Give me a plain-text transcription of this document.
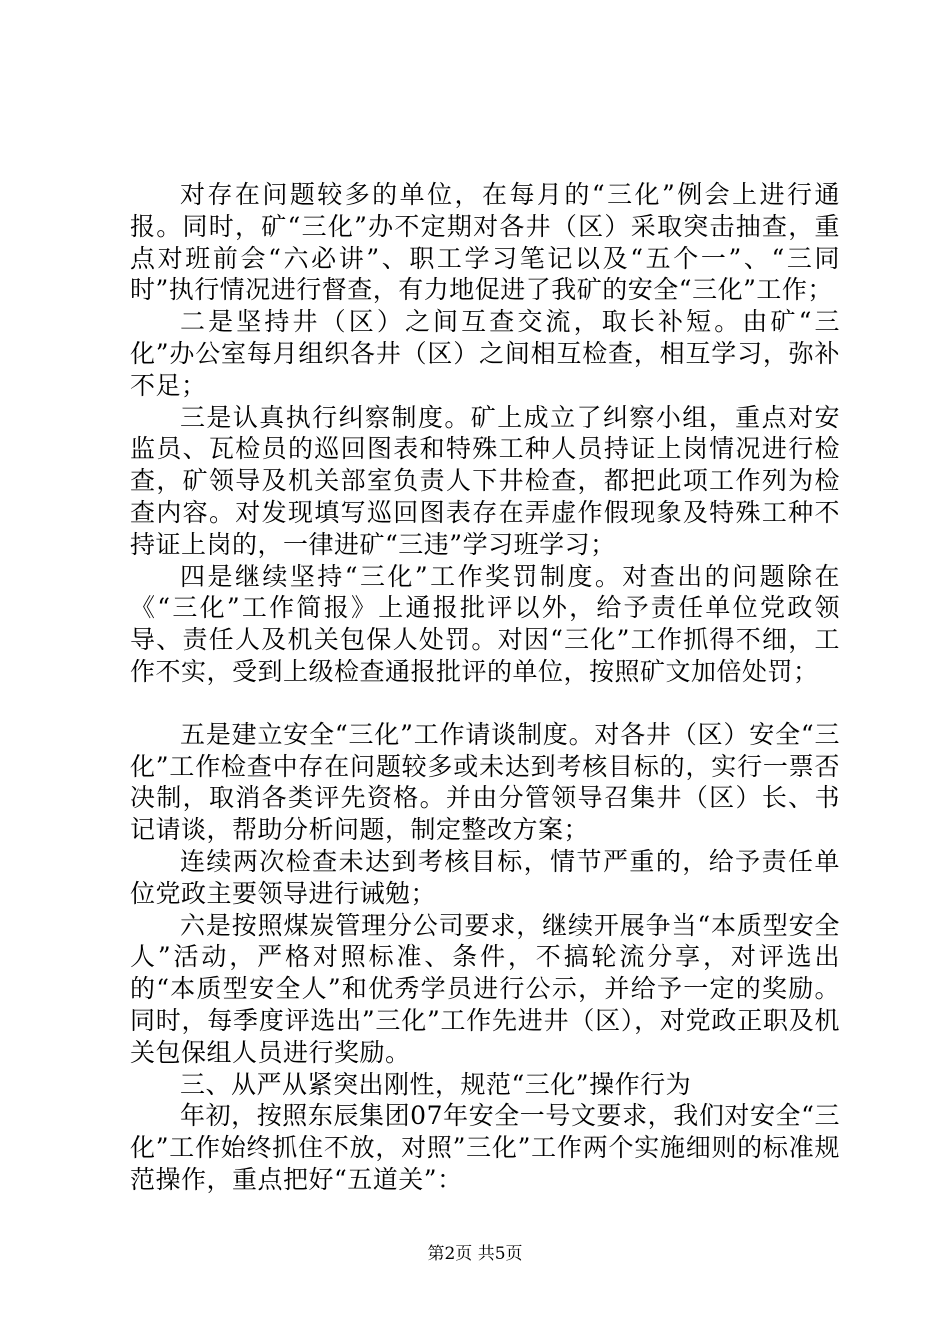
对存在问题较多的单位，在每月的“三化”例会上进行通报。同时，矿“三化”办不定期对各井（区）采取突击抽查，重点对班前会“六必讲”、职工学习笔记以及“五个一”、“三同时”执行情况进行督查，有力地促进了我矿的安全“三化”工作；

二是坚持井（区）之间互查交流，取长补短。由矿“三化”办公室每月组织各井（区）之间相互检查，相互学习，弥补不足；

三是认真执行纠察制度。矿上成立了纠察小组，重点对安监员、瓦检员的巡回图表和特殊工种人员持证上岗情况进行检查，矿领导及机关部室负责人下井检查，都把此项工作列为检查内容。对发现填写巡回图表存在弄虚作假现象及特殊工种不持证上岗的，一律进矿“三违”学习班学习；

四是继续坚持“三化”工作奖罚制度。对查出的问题除在《“三化”工作简报》上通报批评以外，给予责任单位党政领导、责任人及机关包保人处罚。对因“三化”工作抓得不细，工作不实，受到上级检查通报批评的单位，按照矿文加倍处罚；

五是建立安全“三化”工作请谈制度。对各井（区）安全“三化”工作检查中存在问题较多或未达到考核目标的，实行一票否决制，取消各类评先资格。并由分管领导召集井（区）长、书记请谈，帮助分析问题，制定整改方案；

连续两次检查未达到考核目标，情节严重的，给予责任单位党政主要领导进行诫勉；

六是按照煤炭管理分公司要求，继续开展争当“本质型安全人”活动，严格对照标准、条件，不搞轮流分享，对评选出的“本质型安全人”和优秀学员进行公示，并给予一定的奖励。同时，每季度评选出”三化”工作先进井（区），对党政正职及机关包保组人员进行奖励。

三、从严从紧突出刚性，规范“三化”操作行为

年初，按照东辰集团07年安全一号文要求，我们对安全“三化”工作始终抓住不放，对照”三化”工作两个实施细则的标准规范操作，重点把好“五道关”：

第2页 共5页
